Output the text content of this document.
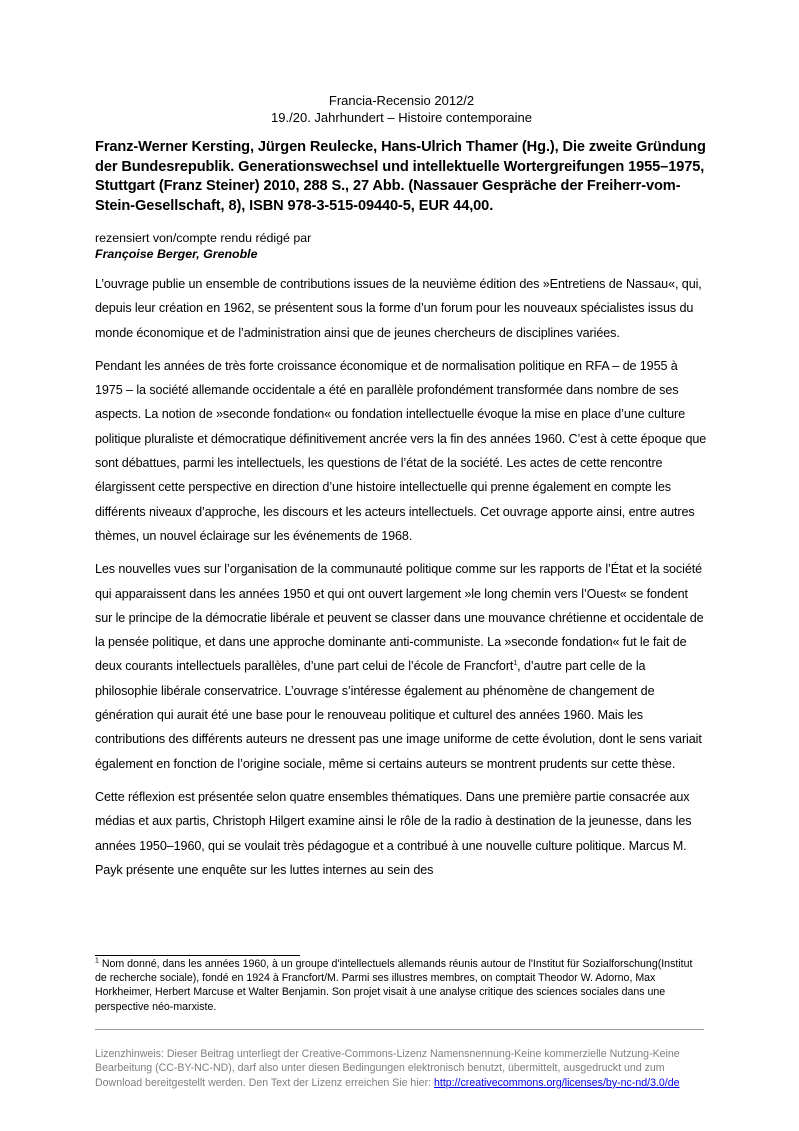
Francia-Recensio 2012/2
19./20. Jahrhundert – Histoire contemporaine
Franz-Werner Kersting, Jürgen Reulecke, Hans-Ulrich Thamer (Hg.), Die zweite Gründung der Bundesrepublik. Generationswechsel und intellektuelle Wortergreifungen 1955–1975, Stuttgart (Franz Steiner) 2010, 288 S., 27 Abb. (Nassauer Gespräche der Freiherr-vom-Stein-Gesellschaft, 8), ISBN 978-3-515-09440-5, EUR 44,00.
rezensiert von/compte rendu rédigé par
Françoise Berger, Grenoble

L’ouvrage publie un ensemble de contributions issues de la neuvième édition des »Entretiens de Nassau«, qui, depuis leur création en 1962, se présentent sous la forme d’un forum pour les nouveaux spécialistes issus du monde économique et de l’administration ainsi que de jeunes chercheurs de disciplines variées.

Pendant les années de très forte croissance économique et de normalisation politique en RFA – de 1955 à 1975 – la société allemande occidentale a été en parallèle profondément transformée dans nombre de ses aspects. La notion de »seconde fondation« ou fondation intellectuelle évoque la mise en place d’une culture politique pluraliste et démocratique définitivement ancrée vers la fin des années 1960. C’est à cette époque que sont débattues, parmi les intellectuels, les questions de l’état de la société. Les actes de cette rencontre élargissent cette perspective en direction d’une histoire intellectuelle qui prenne également en compte les différents niveaux d’approche, les discours et les acteurs intellectuels. Cet ouvrage apporte ainsi, entre autres thèmes, un nouvel éclairage sur les événements de 1968.

Les nouvelles vues sur l’organisation de la communauté politique comme sur les rapports de l’État et la société qui apparaissent dans les années 1950 et qui ont ouvert largement »le long chemin vers l’Ouest« se fondent sur le principe de la démocratie libérale et peuvent se classer dans une mouvance chrétienne et occidentale de la pensée politique, et dans une approche dominante anti-communiste. La »seconde fondation« fut le fait de deux courants intellectuels parallèles, d’une part celui de l’école de Francfort$^1$, d’autre part celle de la philosophie libérale conservatrice. L’ouvrage s’intéresse également au phénomène de changement de génération qui aurait été une base pour le renouveau politique et culturel des années 1960. Mais les contributions des différents auteurs ne dressent pas une image uniforme de cette évolution, dont le sens variait également en fonction de l’origine sociale, même si certains auteurs se montrent prudents sur cette thèse.

Cette réflexion est présentée selon quatre ensembles thématiques. Dans une première partie consacrée aux médias et aux partis, Christoph Hilgert examine ainsi le rôle de la radio à destination de la jeunesse, dans les années 1950–1960, qui se voulait très pédagogue et a contribué à une nouvelle culture politique. Marcus M. Payk présente une enquête sur les luttes internes au sein des

$^1$ Nom donné, dans les années 1960, à un groupe d'intellectuels allemands réunis autour de l'Institut für Sozialforschung(Institut de recherche sociale), fondé en 1924 à Francfort/M. Parmi ses illustres membres, on comptait Theodor W. Adorno, Max Horkheimer, Herbert Marcuse et Walter Benjamin. Son projet visait à une analyse critique des sciences sociales dans une perspective néo-marxiste.
Lizenzhinweis: Dieser Beitrag unterliegt der Creative-Commons-Lizenz Namensnennung-Keine kommerzielle Nutzung-Keine Bearbeitung (CC-BY-NC-ND), darf also unter diesen Bedingungen elektronisch benutzt, übermittelt, ausgedruckt und zum Download bereitgestellt werden. Den Text der Lizenz erreichen Sie hier: http://creativecommons.org/licenses/by-nc-nd/3.0/de
